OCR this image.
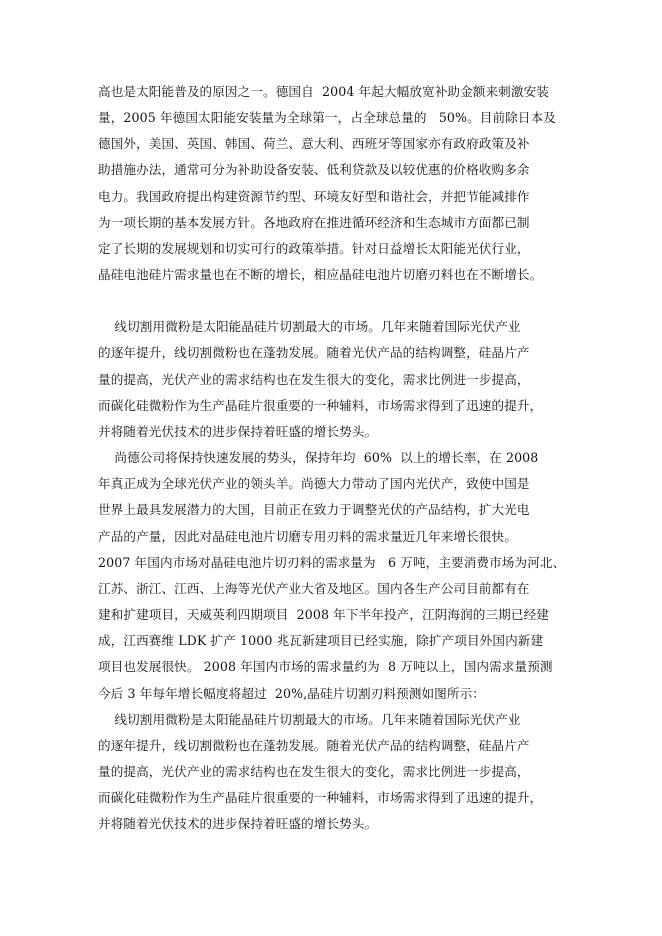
高也是太阳能普及的原因之一。德国自  2004 年起大幅放宽补助金额来刺激安装
量，2005 年德国太阳能安装量为全球第一，占全球总量的   50%。目前除日本及
德国外，美国、英国、韩国、荷兰、意大利、西班牙等国家亦有政府政策及补
助措施办法，通常可分为补助设备安装、低利贷款及以较优惠的价格收购多余
电力。我国政府提出构建资源节约型、环境友好型和谐社会，并把节能减排作
为一项长期的基本发展方针。各地政府在推进循环经济和生态城市方面都已制
定了长期的发展规划和切实可行的政策举措。针对日益增长太阳能光伏行业，
晶硅电池硅片需求量也在不断的增长，相应晶硅电池片切磨刃料也在不断增长。
线切割用微粉是太阳能晶硅片切割最大的市场。几年来随着国际光伏产业
的逐年提升，线切割微粉也在蓬勃发展。随着光伏产品的结构调整，硅晶片产
量的提高，光伏产业的需求结构也在发生很大的变化，需求比例进一步提高，
而碳化硅微粉作为生产晶硅片很重要的一种辅料，市场需求得到了迅速的提升，
并将随着光伏技术的进步保持着旺盛的增长势头。
尚德公司将保持快速发展的势头，保持年均  60%  以上的增长率，在 2008
年真正成为全球光伏产业的领头羊。尚德大力带动了国内光伏产，致使中国是
世界上最具发展潜力的大国，目前正在致力于调整光伏的产品结构，扩大光电
产品的产量，因此对晶硅电池片切磨专用刃料的需求量近几年来增长很快。
2007 年国内市场对晶硅电池片切刃料的需求量为   6 万吨，主要消费市场为河北、
江苏、浙江、江西、上海等光伏产业大省及地区。国内各生产公司目前都有在
建和扩建项目，天威英利四期项目  2008 年下半年投产，江阴海润的三期已经建
成，江西赛维 LDK 扩产 1000 兆瓦新建项目已经实施，除扩产项目外国内新建
项目也发展很快。 2008 年国内市场的需求量约为  8 万吨以上，国内需求量预测
今后 3 年每年增长幅度将超过  20%,晶硅片切割刃料预测如图所示：
线切割用微粉是太阳能晶硅片切割最大的市场。几年来随着国际光伏产业
的逐年提升，线切割微粉也在蓬勃发展。随着光伏产品的结构调整，硅晶片产
量的提高，光伏产业的需求结构也在发生很大的变化，需求比例进一步提高，
而碳化硅微粉作为生产晶硅片很重要的一种辅料，市场需求得到了迅速的提升，
并将随着光伏技术的进步保持着旺盛的增长势头。
